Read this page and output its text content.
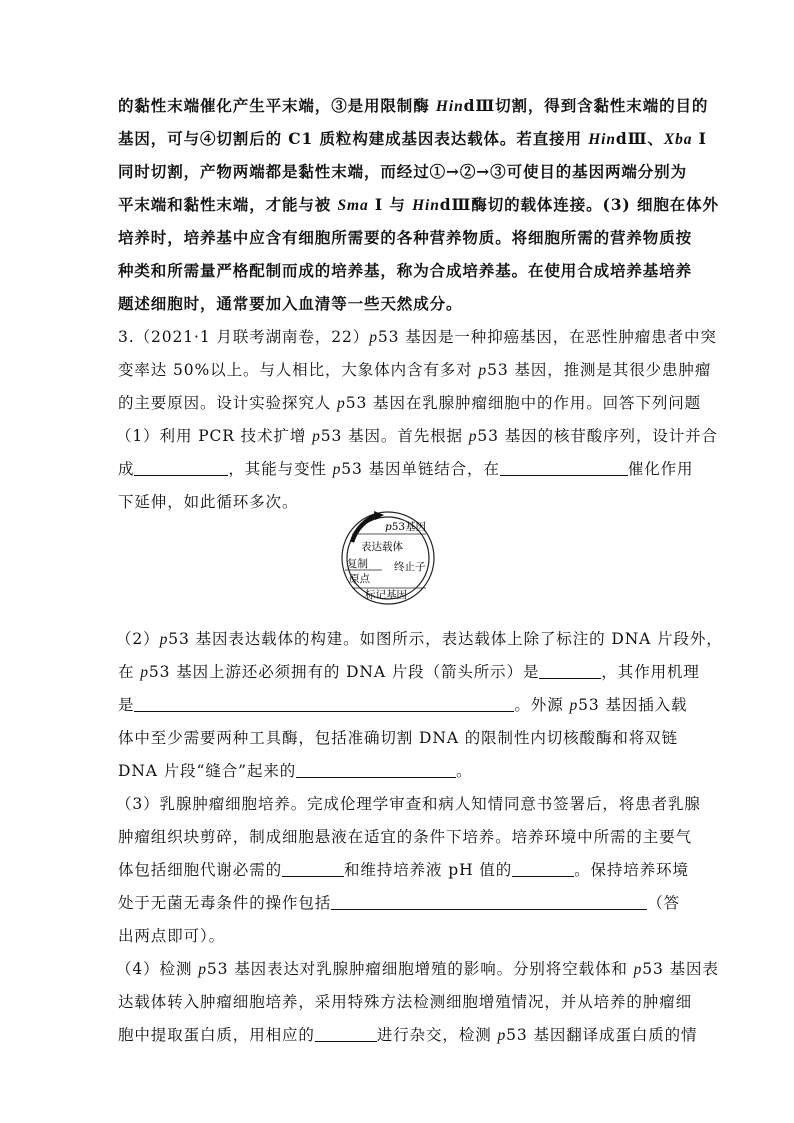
的黏性末端催化产生平末端，③是用限制酶 HindⅢ切割，得到含黏性末端的目的
基因，可与④切割后的 C1 质粒构建成基因表达载体。若直接用 HindⅢ、Xba Ⅰ
同时切割，产物两端都是黏性末端，而经过①→②→③可使目的基因两端分别为
平末端和黏性末端，才能与被 Sma Ⅰ 与 HindⅢ酶切的载体连接。(3) 细胞在体外
培养时，培养基中应含有细胞所需要的各种营养物质。将细胞所需的营养物质按
种类和所需量严格配制而成的培养基，称为合成培养基。在使用合成培养基培养
题述细胞时，通常要加入血清等一些天然成分。
3.（2021·1 月联考湖南卷，22）p53 基因是一种抑癌基因，在恶性肿瘤患者中突
变率达 50%以上。与人相比，大象体内含有多对 p53 基因，推测是其很少患肿瘤
的主要原因。设计实验探究人 p53 基因在乳腺肿瘤细胞中的作用。回答下列问题
（1）利用 PCR 技术扩增 p53 基因。首先根据 p53 基因的核苷酸序列，设计并合
成	，其能与变性 p53 基因单链结合，在	催化作用
下延伸，如此循环多次。
p53基因
表达载体
复制
原点
终止子
标记基因
（2）p53 基因表达载体的构建。如图所示，表达载体上除了标注的 DNA 片段外，
在 p53 基因上游还必须拥有的 DNA 片段（箭头所示）是	，其作用机理
是	。外源 p53 基因插入载
体中至少需要两种工具酶，包括准确切割 DNA 的限制性内切核酸酶和将双链
DNA 片段“缝合”起来的	。
（3）乳腺肿瘤细胞培养。完成伦理学审查和病人知情同意书签署后，将患者乳腺
肿瘤组织块剪碎，制成细胞悬液在适宜的条件下培养。培养环境中所需的主要气
体包括细胞代谢必需的	和维持培养液 pH 值的	。保持培养环境
处于无菌无毒条件的操作包括	（答
出两点即可）。
（4）检测 p53 基因表达对乳腺肿瘤细胞增殖的影响。分别将空载体和 p53 基因表
达载体转入肿瘤细胞培养，采用特殊方法检测细胞增殖情况，并从培养的肿瘤细
胞中提取蛋白质，用相应的	进行杂交，检测 p53 基因翻译成蛋白质的情
